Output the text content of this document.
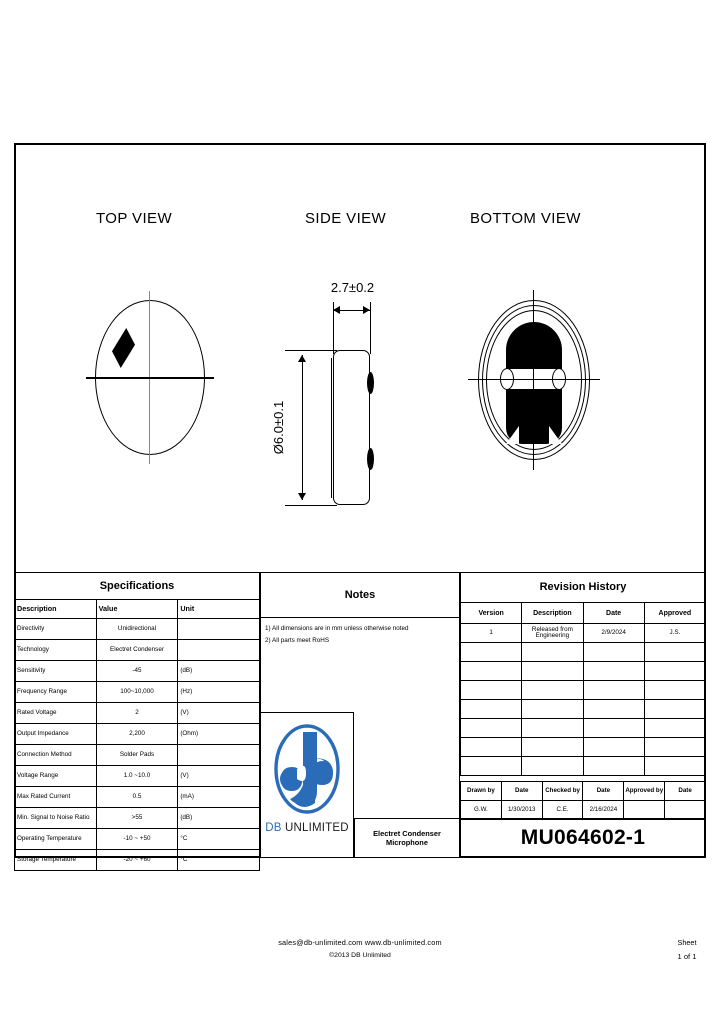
TOP VIEW	SIDE VIEW	BOTTOM VIEW
2.7±0.2
Ø6.0±0.1
Specifications		
Description	Value	Unit
Directivity	Unidirectional	
Technology	Electret Condenser	
Sensitivity	-45	(dB)
Frequency Range	100~10,000	(Hz)
Rated Voltage	2	(V)
Output Impedance	2,200	(Ohm)
Connection Method	Solder Pads	
Voltage Range	1.0 ~10.0	(V)
Max Rated Current	0.5	(mA)
Min. Signal to Noise Ratio	>55	(dB)
Operating Temperature	-10 ~ +50	°C
Storage Temperature	-20 ~ +60	°C
Notes
1) All dimensions are in mm unless otherwise noted
2) All parts meet RoHS
DB UNLIMITED	Electret Condenser Microphone
Revision History			
Version	Description	Date	Approved
1	Released from Engineering	2/9/2024	J.S.

Drawn by	Date	Checked by	Date	Approved by	Date
G.W.	1/30/2013	C.E.	2/16/2024		
MU064602-1
sales@db-unlimited.com www.db-unlimited.com
©2013 DB Unlimited
Sheet
1 of 1
